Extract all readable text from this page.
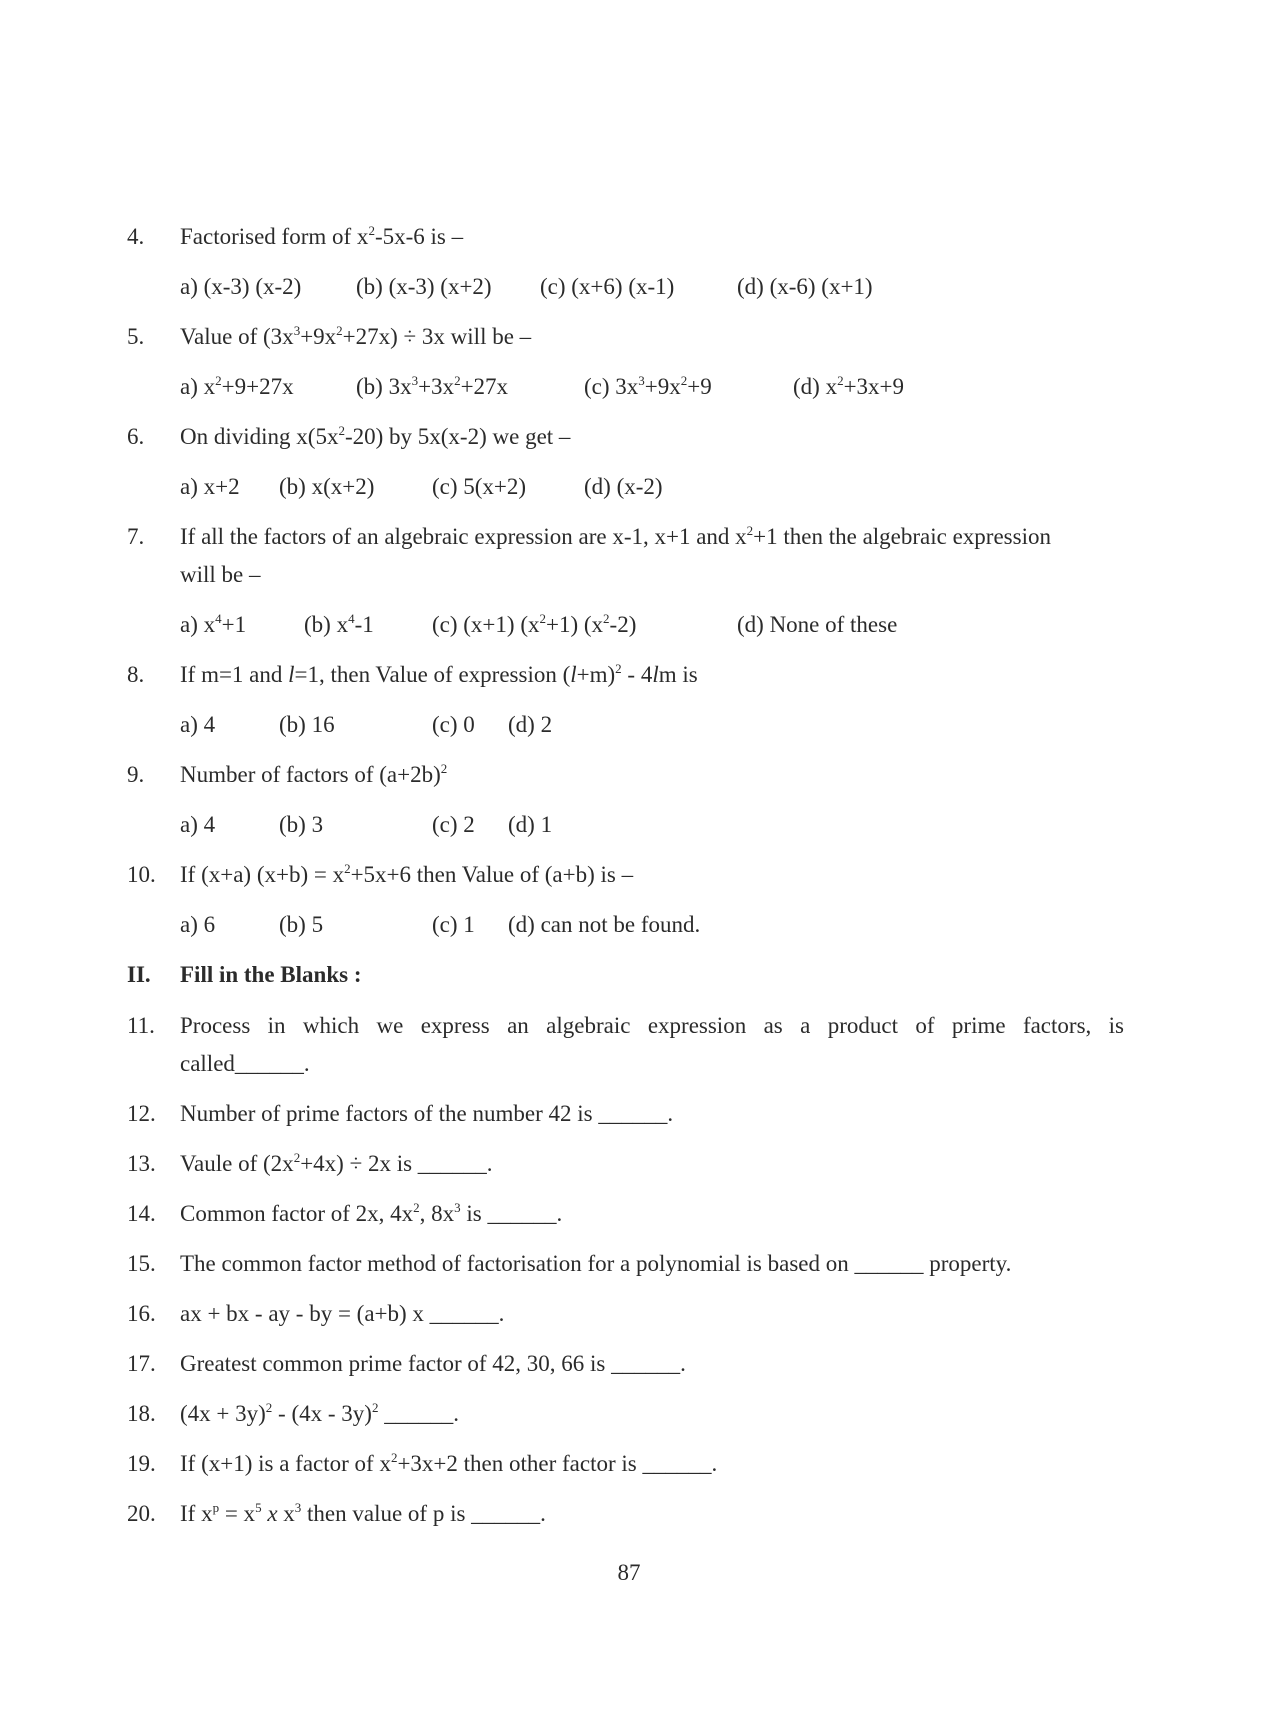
4. Factorised form of $x^2-5x-6$ is –
a) (x-3) (x-2) (b) (x-3) (x+2) (c) (x+6) (x-1)	(d) (x-6) (x+1)
5. Value of $(3x^3+9x^2+27x) \div 3x$ will be –
a) $x^2+9+27x$	(b) $3x^3+3x^2+27x$	(c) $3x^3+9x^2+9$	(d) $x^2+3x+9$
6. On dividing $x(5x^2-20)$ by 5x(x-2) we get –
a) x+2 (b) x(x+2)	(c) 5(x+2)	(d) (x-2)
7. If all the factors of an algebraic expression are x-1, x+1 and $x^2+1$ then the algebraic expression
will be –
a) $x^4+1$	(b) $x^4-1$	(c) (x+1) $(x^2+1)$ $(x^2-2)$	(d) None of these
8. If m=1 and l=1, then Value of expression $(l+m)^2 - 4lm$ is
a) 4	(b) 16	(c) 0 (d) 2
9. Number of factors of $(a+2b)^2$
a) 4	(b) 3	(c) 2 (d) 1
10. If (x+a) $(x+b) = x^2+5x+6$ then Value of (a+b) is –
a) 6	(b) 5	(c) 1 (d) can not be found.
II. Fill in the Blanks :
11. Process in which we express an algebraic expression as a product of prime factors, is
called______.
12. Number of prime factors of the number 42 is ______.
13. Vaule of $(2x^2+4x) \div 2x$ is ______.
14. Common factor of 2x, $4x^2$, $8x^3$ is ______.
15. The common factor method of factorisation for a polynomial is based on ______ property.
16. ax + bx - ay - by = (a+b) x ______.
17. Greatest common prime factor of 42, 30, 66 is ______.
18. $(4x + 3y)^2 - (4x - 3y)^2$ ______.
19. If (x+1) is a factor of $x^2+3x+2$ then other factor is ______.
20. If $x^p = x^5$ x $x^3$ then value of p is ______.
87
